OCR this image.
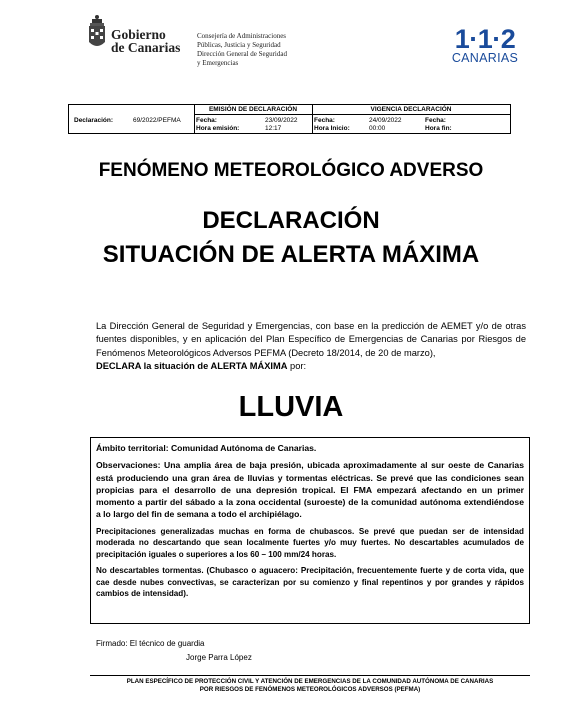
Gobierno
de Canarias
Consejería de Administraciones
Públicas, Justicia y Seguridad
Dirección General de Seguridad
y Emergencias
1·1·2
CANARIAS
Declaración:	69/2022/PEFMA
EMISIÓN DE DECLARACIÓN	VIGENCIA DECLARACIÓN
Fecha:	23/09/2022
Hora emisión:	12:17
Fecha:	24/09/2022
Hora Inicio:	00:00
Fecha:
Hora fin:
FENÓMENO METEOROLÓGICO ADVERSO
DECLARACIÓN
SITUACIÓN DE ALERTA MÁXIMA
La Dirección General de Seguridad y Emergencias, con base en la predicción de AEMET y/o de otras fuentes disponibles, y en aplicación del Plan Específico de Emergencias de Canarias por Riesgos de Fenómenos Meteorológicos Adversos PEFMA (Decreto 18/2014, de 20 de marzo),
DECLARA la situación de ALERTA MÁXIMA por:
LLUVIA

Ámbito territorial: Comunidad Autónoma de Canarias.

Observaciones: Una amplia área de baja presión, ubicada aproximadamente al sur oeste de Canarias está produciendo una gran área de lluvias y tormentas eléctricas. Se prevé que las condiciones sean propicias para el desarrollo de una depresión tropical. El FMA empezará afectando en un primer momento a partir del sábado a la zona occidental (suroeste) de la comunidad autónoma extendiéndose a lo largo del fin de semana a todo el archipiélago.

Precipitaciones generalizadas muchas en forma de chubascos. Se prevé que puedan ser de intensidad moderada no descartando que sean localmente fuertes y/o muy fuertes. No descartables acumulados de precipitación iguales o superiores a los 60 – 100 mm/24 horas.

No descartables tormentas. (Chubasco o aguacero: Precipitación, frecuentemente fuerte y de corta vida, que cae desde nubes convectivas, se caracterizan por su comienzo y final repentinos y por grandes y rápidos cambios de intensidad).

Firmado: El técnico de guardia
Jorge Parra López
PLAN ESPECÍFICO DE PROTECCIÓN CIVIL Y ATENCIÓN DE EMERGENCIAS DE LA COMUNIDAD AUTÓNOMA DE CANARIAS
POR RIESGOS DE FENÓMENOS METEOROLÓGICOS ADVERSOS (PEFMA)
